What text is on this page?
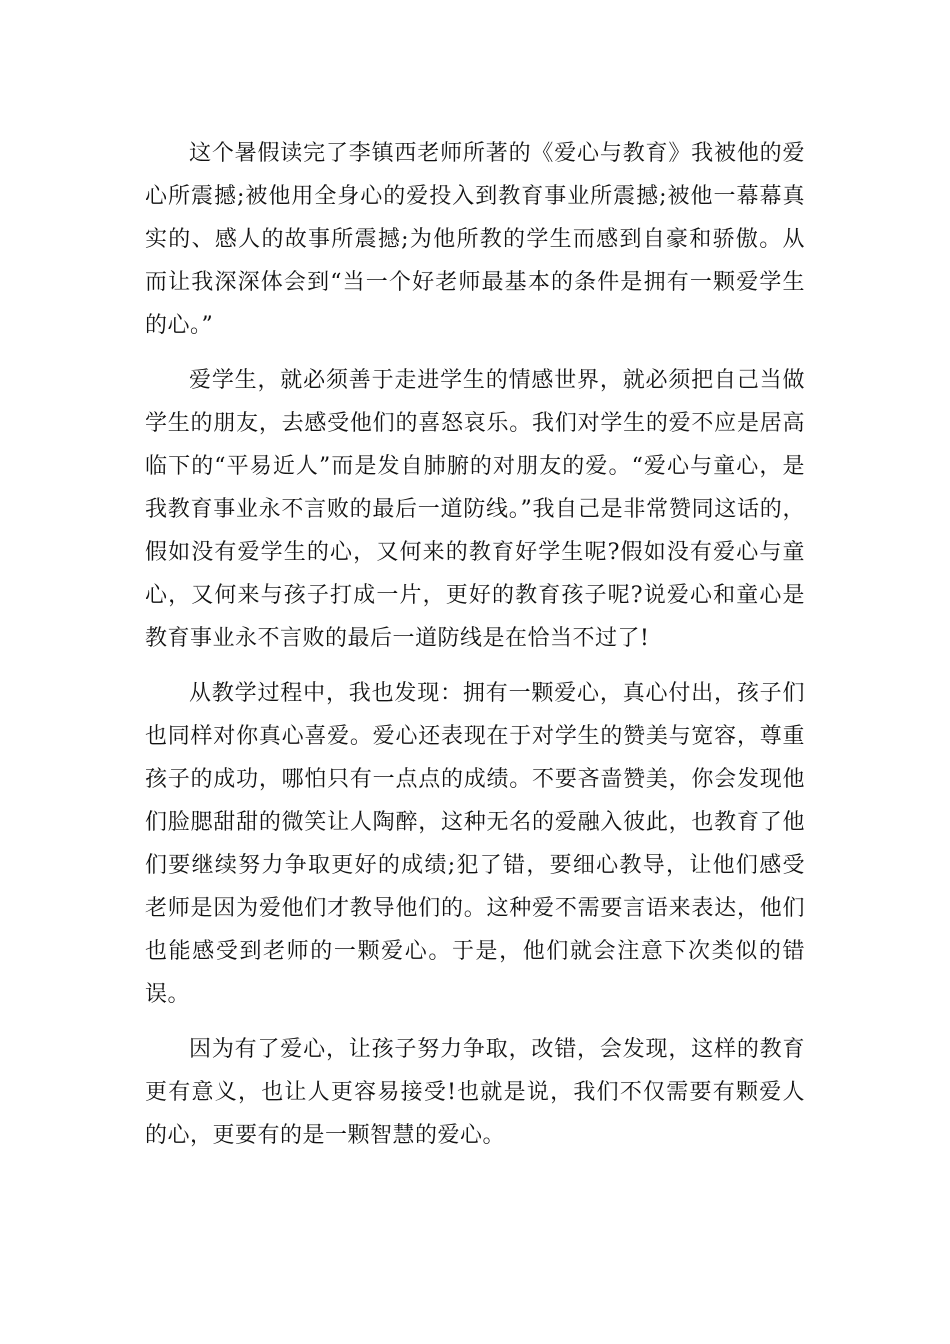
这个暑假读完了李镇西老师所著的《爱心与教育》我被他的爱心所震撼;被他用全身心的爱投入到教育事业所震撼;被他一幕幕真实的、感人的故事所震撼;为他所教的学生而感到自豪和骄傲。从而让我深深体会到“当一个好老师最基本的条件是拥有一颗爱学生的心。”

爱学生，就必须善于走进学生的情感世界，就必须把自己当做学生的朋友，去感受他们的喜怒哀乐。我们对学生的爱不应是居高临下的“平易近人”而是发自肺腑的对朋友的爱。“爱心与童心，是我教育事业永不言败的最后一道防线。”我自己是非常赞同这话的，假如没有爱学生的心，又何来的教育好学生呢?假如没有爱心与童心，又何来与孩子打成一片，更好的教育孩子呢?说爱心和童心是教育事业永不言败的最后一道防线是在恰当不过了!

从教学过程中，我也发现：拥有一颗爱心，真心付出，孩子们也同样对你真心喜爱。爱心还表现在于对学生的赞美与宽容，尊重孩子的成功，哪怕只有一点点的成绩。不要吝啬赞美，你会发现他们脸腮甜甜的微笑让人陶醉，这种无名的爱融入彼此，也教育了他们要继续努力争取更好的成绩;犯了错，要细心教导，让他们感受老师是因为爱他们才教导他们的。这种爱不需要言语来表达，他们也能感受到老师的一颗爱心。于是，他们就会注意下次类似的错误。

因为有了爱心，让孩子努力争取，改错，会发现，这样的教育更有意义，也让人更容易接受!也就是说，我们不仅需要有颗爱人的心，更要有的是一颗智慧的爱心。
